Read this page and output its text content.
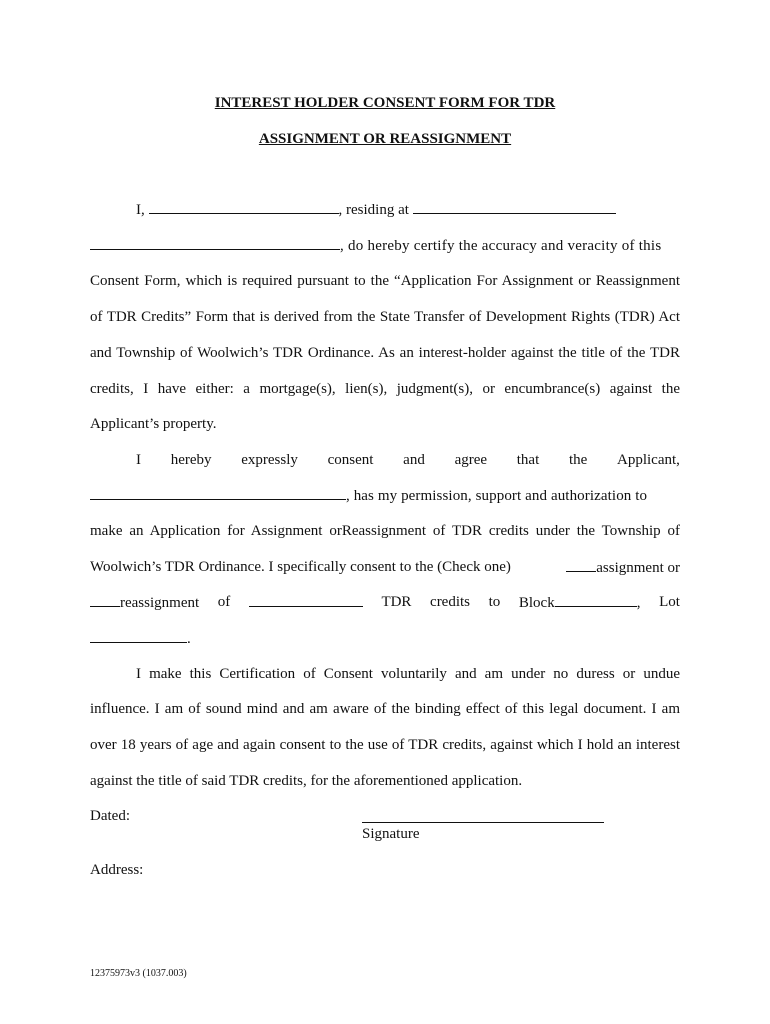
INTEREST HOLDER CONSENT FORM FOR TDR
ASSIGNMENT OR REASSIGNMENT
I,	, residing at
, do hereby certify the accuracy and veracity of this
Consent Form, which is required pursuant to the “Application For Assignment or Reassignment
of TDR Credits” Form that is derived from the State Transfer of Development Rights (TDR) Act
and Township of Woolwich’s TDR Ordinance. As an interest-holder against the title of the TDR
credits, I have either: a mortgage(s), lien(s), judgment(s), or encumbrance(s) against the
Applicant’s property.
I hereby expressly consent and agree that the Applicant,
, has my permission, support and authorization to
make an Application for Assignment orReassignment of TDR credits under the Township of
Woolwich’s TDR Ordinance. I specifically consent to the (Check one)	assignment or
reassignment of	TDR credits to Block	, Lot
.
I make this Certification of Consent voluntarily and am under no duress or undue
influence. I am of sound mind and am aware of the binding effect of this legal document. I am
over 18 years of age and again consent to the use of TDR credits, against which I hold an interest
against the title of said TDR credits, for the aforementioned application.
Dated:
Signature
Address:
12375973v3 (1037.003)
